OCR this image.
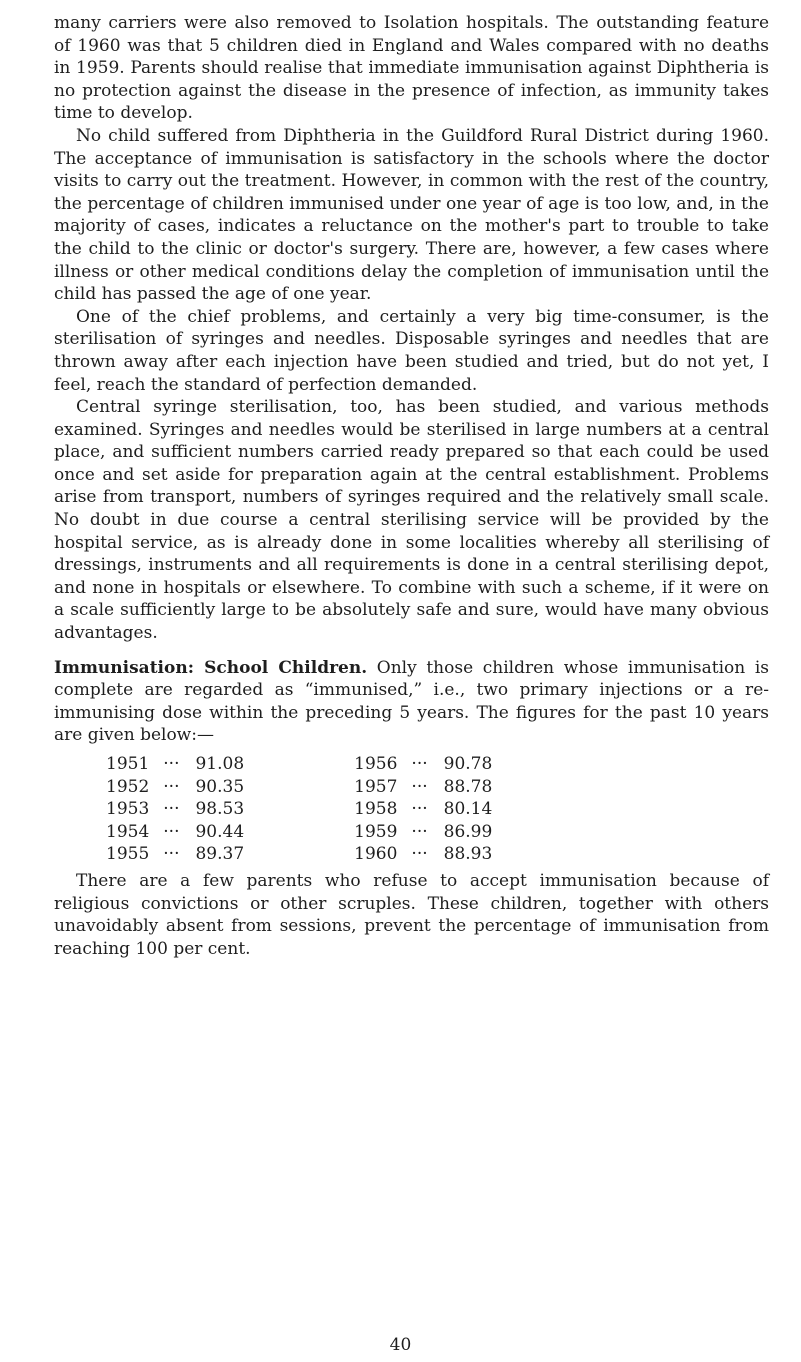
many carriers were also removed to Isolation hospitals. The outstanding feature of 1960 was that 5 children died in England and Wales compared with no deaths in 1959. Parents should realise that immediate immunisation against Diphtheria is no protection against the disease in the presence of infection, as immunity takes time to develop.

No child suffered from Diphtheria in the Guildford Rural District during 1960. The acceptance of immunisation is satisfactory in the schools where the doctor visits to carry out the treatment. However, in common with the rest of the country, the percentage of children immunised under one year of age is too low, and, in the majority of cases, indicates a reluctance on the mother's part to trouble to take the child to the clinic or doctor's surgery. There are, however, a few cases where illness or other medical conditions delay the completion of immunisation until the child has passed the age of one year.

One of the chief problems, and certainly a very big time-consumer, is the sterilisation of syringes and needles. Disposable syringes and needles that are thrown away after each injection have been studied and tried, but do not yet, I feel, reach the standard of perfection demanded.

Central syringe sterilisation, too, has been studied, and various methods examined. Syringes and needles would be sterilised in large numbers at a central place, and sufficient numbers carried ready prepared so that each could be used once and set aside for preparation again at the central establishment. Problems arise from transport, numbers of syringes required and the relatively small scale. No doubt in due course a central sterilising service will be provided by the hospital service, as is already done in some localities whereby all sterilising of dressings, instruments and all requirements is done in a central sterilising depot, and none in hospitals or elsewhere. To combine with such a scheme, if it were on a scale sufficiently large to be absolutely safe and sure, would have many obvious advantages.

Immunisation: School Children. Only those children whose immunisation is complete are regarded as “immunised,” i.e., two primary injections or a re-immunising dose within the preceding 5 years. The figures for the past 10 years are given below:—

1951	···	91.08	1956	···	90.78
1952	···	90.35	1957	···	88.78
1953	···	98.53	1958	···	80.14
1954	···	90.44	1959	···	86.99
1955	···	89.37	1960	···	88.93

There are a few parents who refuse to accept immunisation because of religious convictions or other scruples. These children, together with others unavoidably absent from sessions, prevent the percentage of immunisation from reaching 100 per cent.

40
